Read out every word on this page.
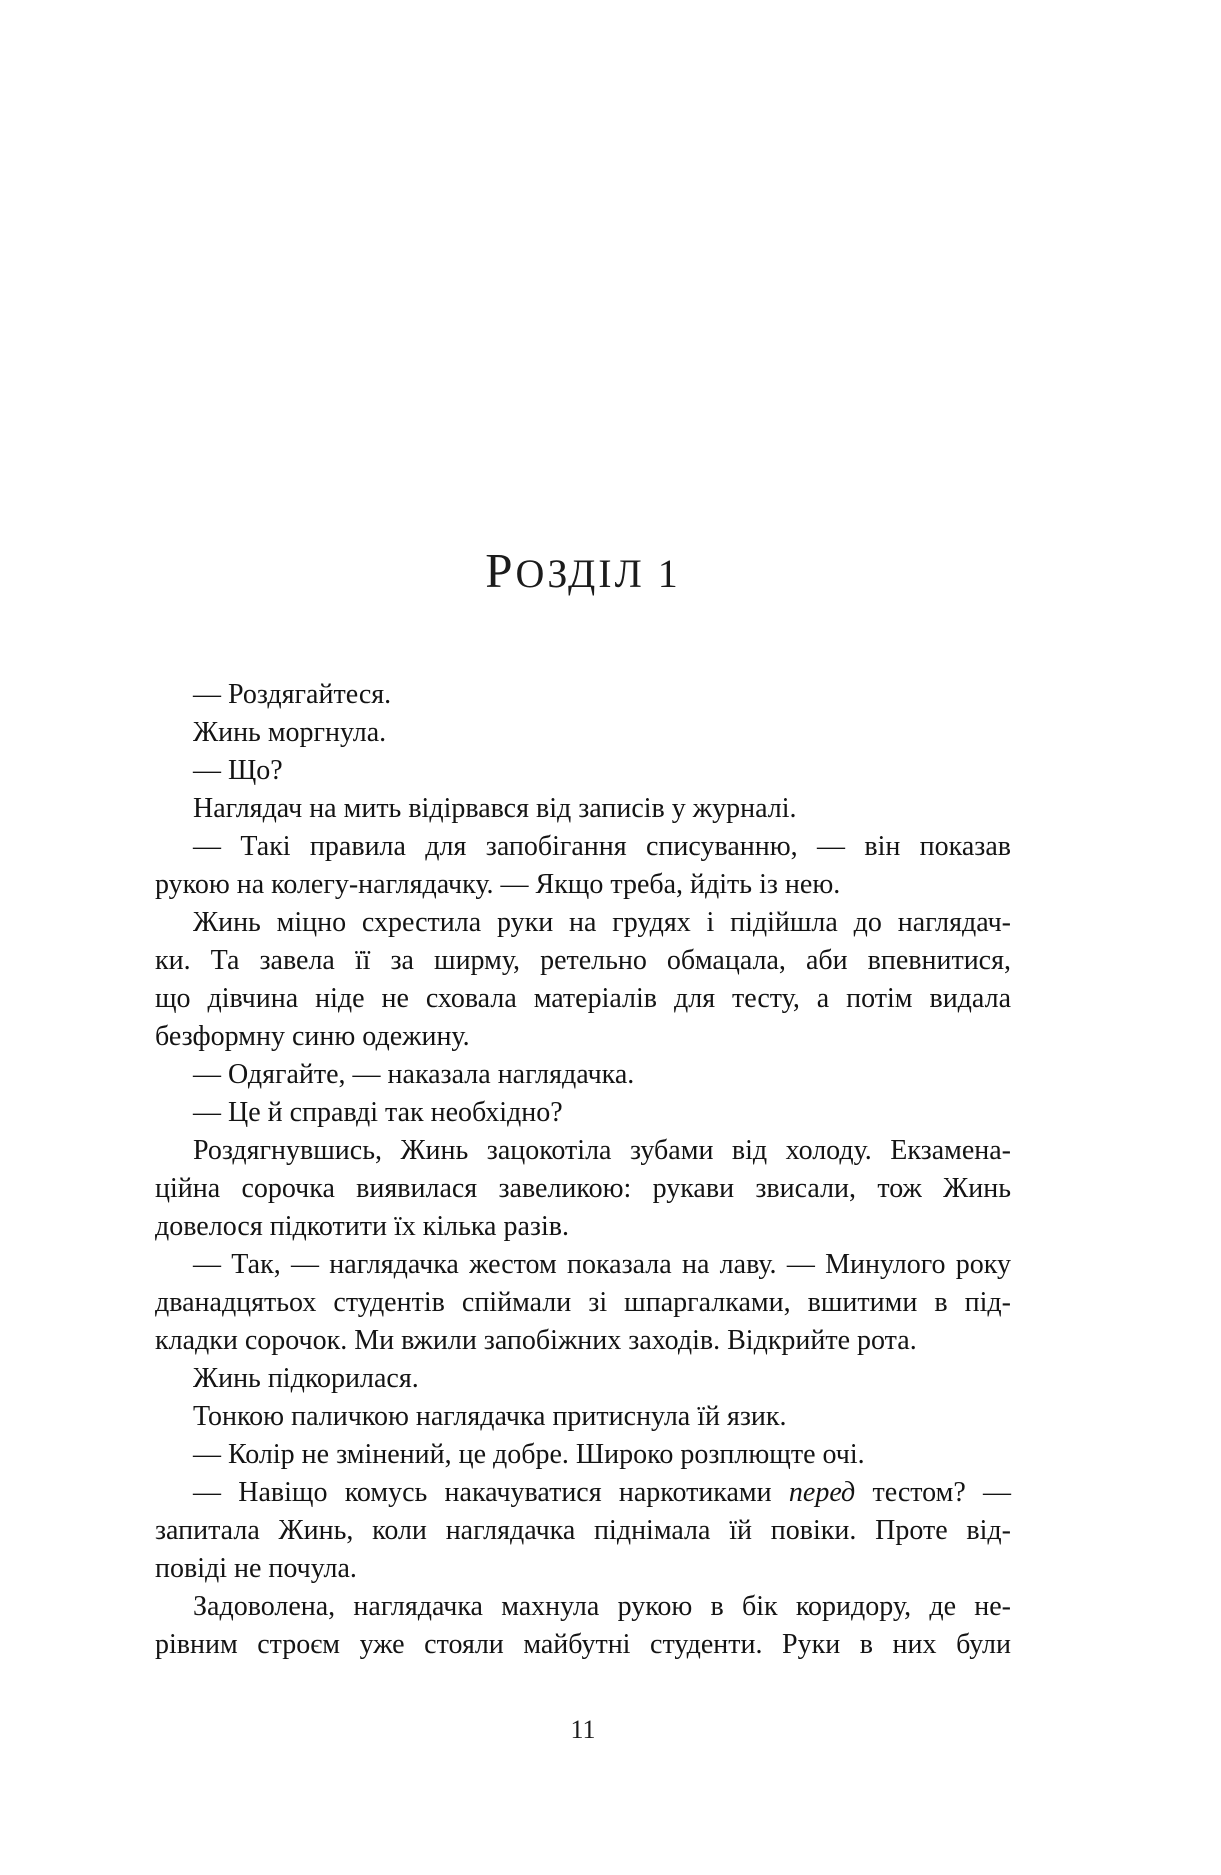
РОЗДІЛ 1
— Роздягайтеся.
Жинь моргнула.
— Що?
Наглядач на мить відірвався від записів у журналі.
— Такі правила для запобігання списуванню, — він показав
рукою на колегу-наглядачку. — Якщо треба, йдіть із нею.
Жинь міцно схрестила руки на грудях і підійшла до наглядач-
ки. Та завела її за ширму, ретельно обмацала, аби впевнитися,
що дівчина ніде не сховала матеріалів для тесту, а потім видала
безформну синю одежину.
— Одягайте, — наказала наглядачка.
— Це й справді так необхідно?
Роздягнувшись, Жинь зацокотіла зубами від холоду. Екзамена-
ційна сорочка виявилася завеликою: рукави звисали, тож Жинь
довелося підкотити їх кілька разів.
— Так, — наглядачка жестом показала на лаву. — Минулого року
дванадцятьох студентів спіймали зі шпаргалками, вшитими в під-
кладки сорочок. Ми вжили запобіжних заходів. Відкрийте рота.
Жинь підкорилася.
Тонкою паличкою наглядачка притиснула їй язик.
— Колір не змінений, це добре. Широко розплющте очі.
— Навіщо комусь накачуватися наркотиками перед тестом? —
запитала Жинь, коли наглядачка піднімала їй повіки. Проте від-
повіді не почула.
Задоволена, наглядачка махнула рукою в бік коридору, де не-
рівним строєм уже стояли майбутні студенти. Руки в них були
11
